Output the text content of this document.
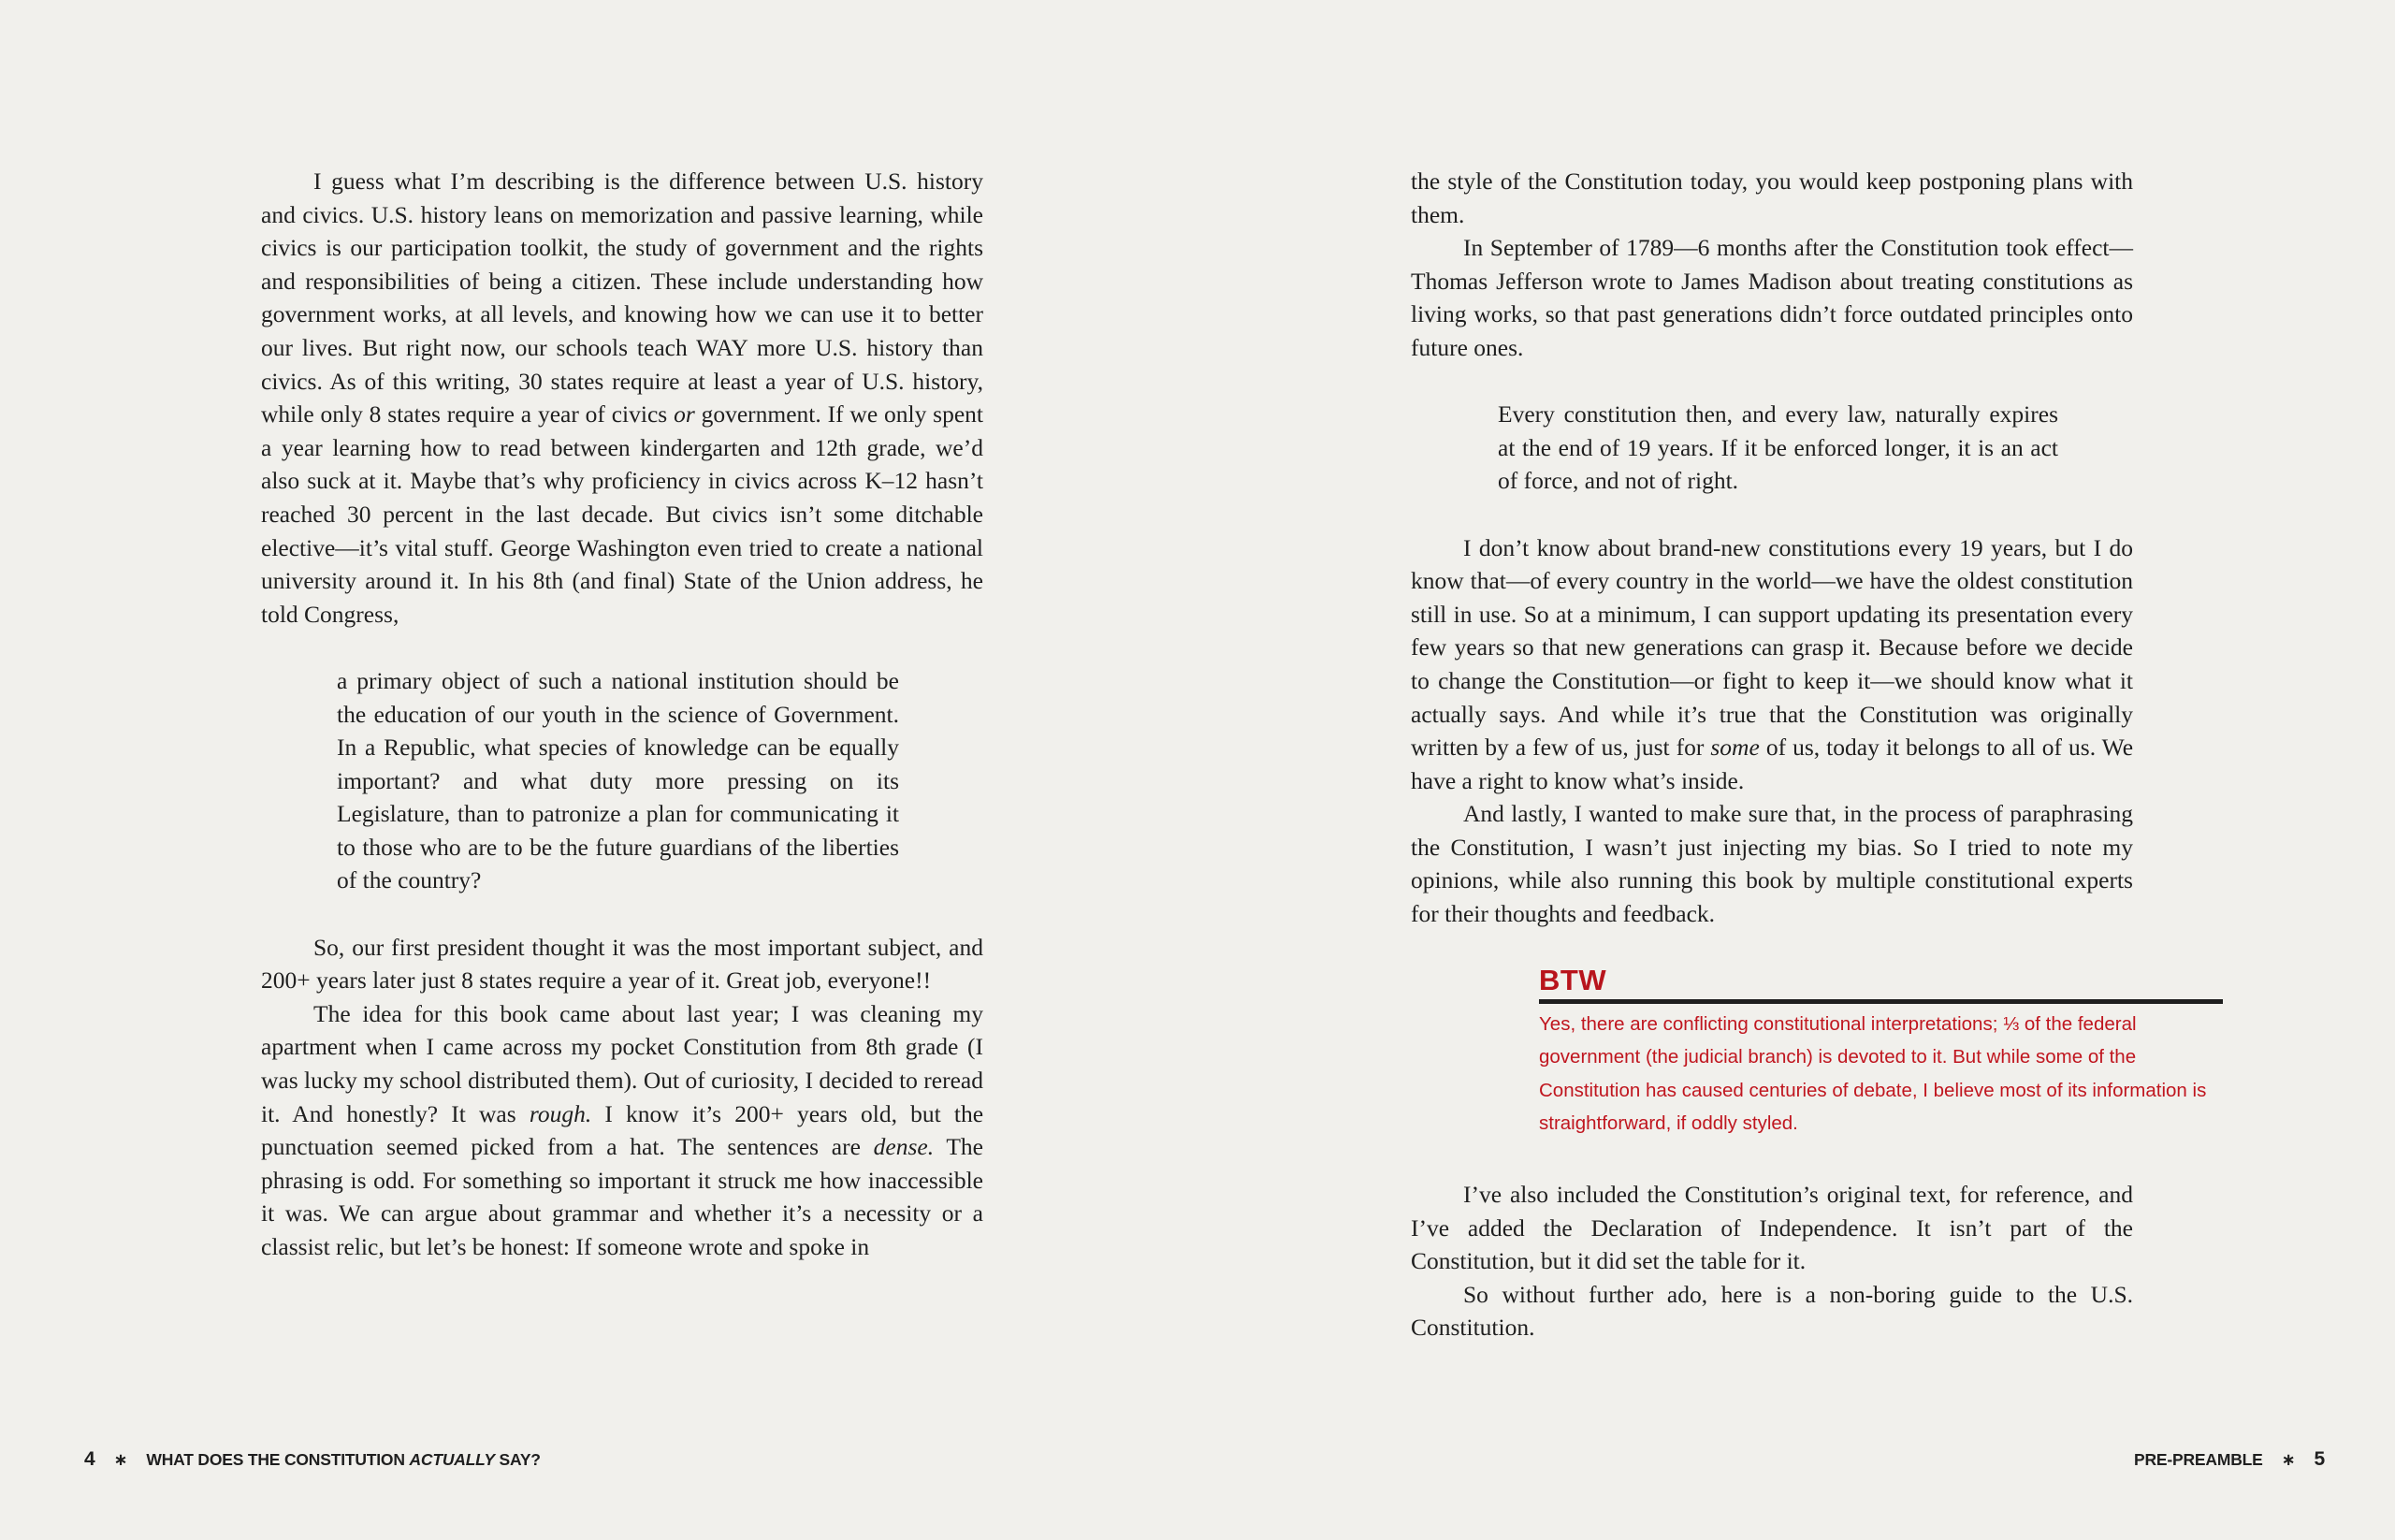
I guess what I’m describing is the difference between U.S. history and civics. U.S. history leans on memorization and passive learning, while civics is our participation toolkit, the study of government and the rights and responsibilities of being a citizen. These include understanding how government works, at all levels, and knowing how we can use it to better our lives. But right now, our schools teach WAY more U.S. history than civics. As of this writing, 30 states require at least a year of U.S. history, while only 8 states require a year of civics or government. If we only spent a year learning how to read between kindergarten and 12th grade, we’d also suck at it. Maybe that’s why proficiency in civics across K–12 hasn’t reached 30 percent in the last decade. But civics isn’t some ditchable elective—it’s vital stuff. George Washington even tried to create a national university around it. In his 8th (and final) State of the Union address, he told Congress,

a primary object of such a national institution should be the education of our youth in the science of Government. In a Republic, what species of knowledge can be equally important? and what duty more pressing on its Legislature, than to patronize a plan for communicating it to those who are to be the future guardians of the liberties of the country?

So, our first president thought it was the most important subject, and 200+ years later just 8 states require a year of it. Great job, everyone!!

The idea for this book came about last year; I was cleaning my apartment when I came across my pocket Constitution from 8th grade (I was lucky my school distributed them). Out of curiosity, I decided to reread it. And honestly? It was rough. I know it’s 200+ years old, but the punctuation seemed picked from a hat. The sentences are dense. The phrasing is odd. For something so important it struck me how inaccessible it was. We can argue about grammar and whether it’s a necessity or a classist relic, but let’s be honest: If someone wrote and spoke in

4 ∗ WHAT DOES THE CONSTITUTION ACTUALLY SAY?

the style of the Constitution today, you would keep postponing plans with them.

In September of 1789—6 months after the Constitution took effect—Thomas Jefferson wrote to James Madison about treating constitutions as living works, so that past generations didn’t force outdated principles onto future ones.

Every constitution then, and every law, naturally expires at the end of 19 years. If it be enforced longer, it is an act of force, and not of right.

I don’t know about brand-new constitutions every 19 years, but I do know that—of every country in the world—we have the oldest constitution still in use. So at a minimum, I can support updating its presentation every few years so that new generations can grasp it. Because before we decide to change the Constitution—or fight to keep it—we should know what it actually says. And while it’s true that the Constitution was originally written by a few of us, just for some of us, today it belongs to all of us. We have a right to know what’s inside.

And lastly, I wanted to make sure that, in the process of paraphrasing the Constitution, I wasn’t just injecting my bias. So I tried to note my opinions, while also running this book by multiple constitutional experts for their thoughts and feedback.

BTW
Yes, there are conflicting constitutional interpretations; ⅓ of the federal government (the judicial branch) is devoted to it. But while some of the Constitution has caused centuries of debate, I believe most of its information is straightforward, if oddly styled.

I’ve also included the Constitution’s original text, for reference, and I’ve added the Declaration of Independence. It isn’t part of the Constitution, but it did set the table for it.

So without further ado, here is a non-boring guide to the U.S. Constitution.

PRE-PREAMBLE ∗ 5
